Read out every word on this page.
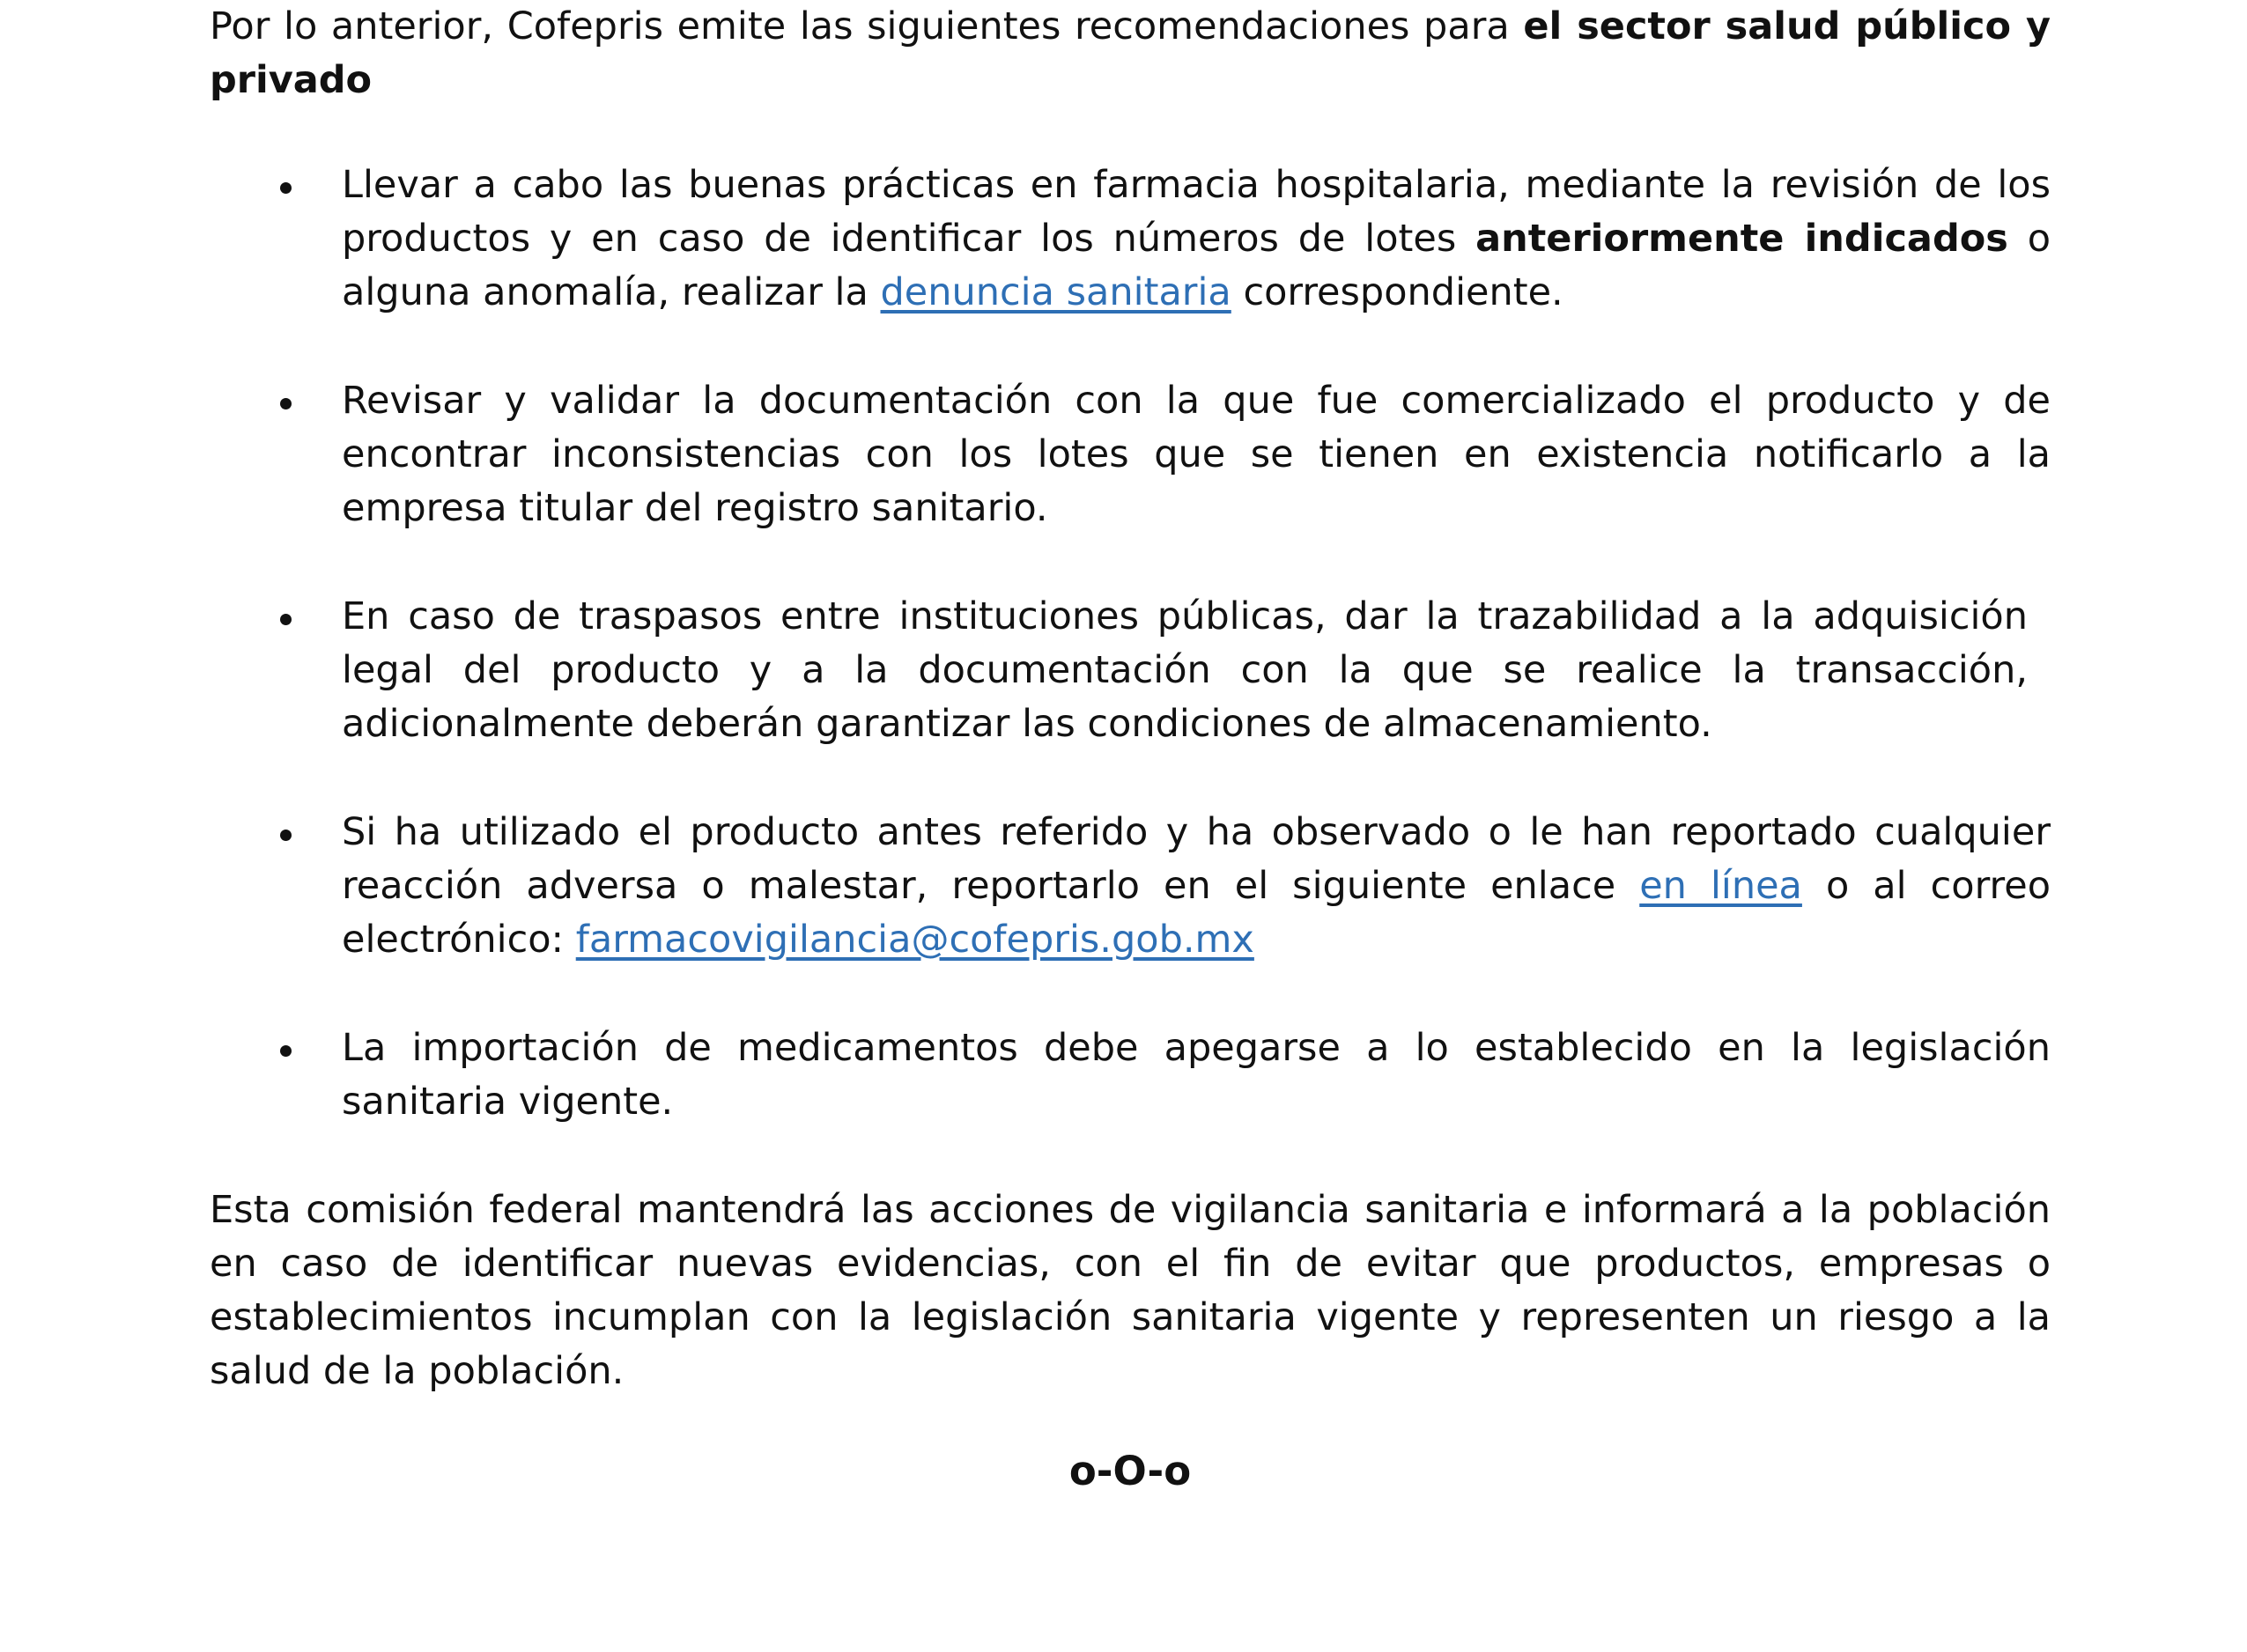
Por lo anterior, Cofepris emite las siguientes recomendaciones para el sector salud público y privado

Llevar a cabo las buenas prácticas en farmacia hospitalaria, mediante la revisión de los productos y en caso de identificar los números de lotes anteriormente indicados o alguna anomalía, realizar la denuncia sanitaria correspondiente.
Revisar y validar la documentación con la que fue comercializado el producto y de encontrar inconsistencias con los lotes que se tienen en existencia notificarlo a la empresa titular del registro sanitario.
En caso de traspasos entre instituciones públicas, dar la trazabilidad a la adquisición legal del producto y a la documentación con la que se realice la transacción, adicionalmente deberán garantizar las condiciones de almacenamiento.
Si ha utilizado el producto antes referido y ha observado o le han reportado cualquier reacción adversa o malestar, reportarlo en el siguiente enlace en línea o al correo electrónico: farmacovigilancia@cofepris.gob.mx
La importación de medicamentos debe apegarse a lo establecido en la legislación sanitaria vigente.

Esta comisión federal mantendrá las acciones de vigilancia sanitaria e informará a la población en caso de identificar nuevas evidencias, con el fin de evitar que productos, empresas o establecimientos incumplan con la legislación sanitaria vigente y representen un riesgo a la salud de la población.

o-O-o
